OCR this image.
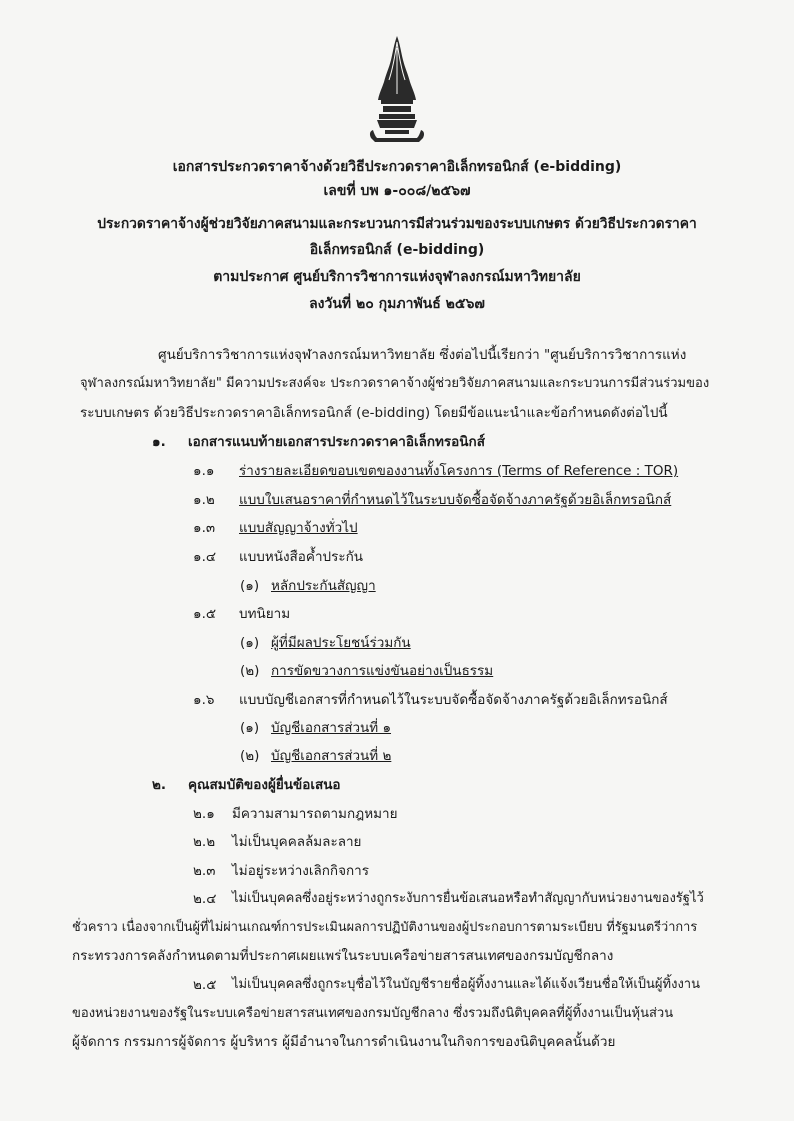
เอกสารประกวดราคาจ้างด้วยวิธีประกวดราคาอิเล็กทรอนิกส์ (e-bidding)
เลขที่ บพ ๑-๐๐๘/๒๕๖๗
ประกวดราคาจ้างผู้ช่วยวิจัยภาคสนามและกระบวนการมีส่วนร่วมของระบบเกษตร ด้วยวิธีประกวดราคา
อิเล็กทรอนิกส์ (e-bidding)
ตามประกาศ ศูนย์บริการวิชาการแห่งจุฬาลงกรณ์มหาวิทยาลัย
ลงวันที่ ๒๐ กุมภาพันธ์ ๒๕๖๗
ศูนย์บริการวิชาการแห่งจุฬาลงกรณ์มหาวิทยาลัย ซึ่งต่อไปนี้เรียกว่า "ศูนย์บริการวิชาการแห่ง
จุฬาลงกรณ์มหาวิทยาลัย" มีความประสงค์จะ ประกวดราคาจ้างผู้ช่วยวิจัยภาคสนามและกระบวนการมีส่วนร่วมของ
ระบบเกษตร ด้วยวิธีประกวดราคาอิเล็กทรอนิกส์ (e-bidding) โดยมีข้อแนะนำและข้อกำหนดดังต่อไปนี้
๑. เอกสารแนบท้ายเอกสารประกวดราคาอิเล็กทรอนิกส์
๑.๑ ร่างรายละเอียดขอบเขตของงานทั้งโครงการ (Terms of Reference : TOR)
๑.๒ แบบใบเสนอราคาที่กำหนดไว้ในระบบจัดซื้อจัดจ้างภาครัฐด้วยอิเล็กทรอนิกส์
๑.๓ แบบสัญญาจ้างทั่วไป
๑.๔ แบบหนังสือค้ำประกัน
(๑) หลักประกันสัญญา
๑.๕ บทนิยาม
(๑) ผู้ที่มีผลประโยชน์ร่วมกัน
(๒) การขัดขวางการแข่งขันอย่างเป็นธรรม
๑.๖ แบบบัญชีเอกสารที่กำหนดไว้ในระบบจัดซื้อจัดจ้างภาครัฐด้วยอิเล็กทรอนิกส์
(๑) บัญชีเอกสารส่วนที่ ๑
(๒) บัญชีเอกสารส่วนที่ ๒
๒. คุณสมบัติของผู้ยื่นข้อเสนอ
๒.๑ มีความสามารถตามกฎหมาย
๒.๒ ไม่เป็นบุคคลล้มละลาย
๒.๓ ไม่อยู่ระหว่างเลิกกิจการ
๒.๔ ไม่เป็นบุคคลซึ่งอยู่ระหว่างถูกระงับการยื่นข้อเสนอหรือทำสัญญากับหน่วยงานของรัฐไว้
ชั่วคราว เนื่องจากเป็นผู้ที่ไม่ผ่านเกณฑ์การประเมินผลการปฏิบัติงานของผู้ประกอบการตามระเบียบ ที่รัฐมนตรีว่าการ
กระทรวงการคลังกำหนดตามที่ประกาศเผยแพร่ในระบบเครือข่ายสารสนเทศของกรมบัญชีกลาง
๒.๕ ไม่เป็นบุคคลซึ่งถูกระบุชื่อไว้ในบัญชีรายชื่อผู้ทิ้งงานและได้แจ้งเวียนชื่อให้เป็นผู้ทิ้งงาน
ของหน่วยงานของรัฐในระบบเครือข่ายสารสนเทศของกรมบัญชีกลาง ซึ่งรวมถึงนิติบุคคลที่ผู้ทิ้งงานเป็นหุ้นส่วน
ผู้จัดการ กรรมการผู้จัดการ ผู้บริหาร ผู้มีอำนาจในการดำเนินงานในกิจการของนิติบุคคลนั้นด้วย
